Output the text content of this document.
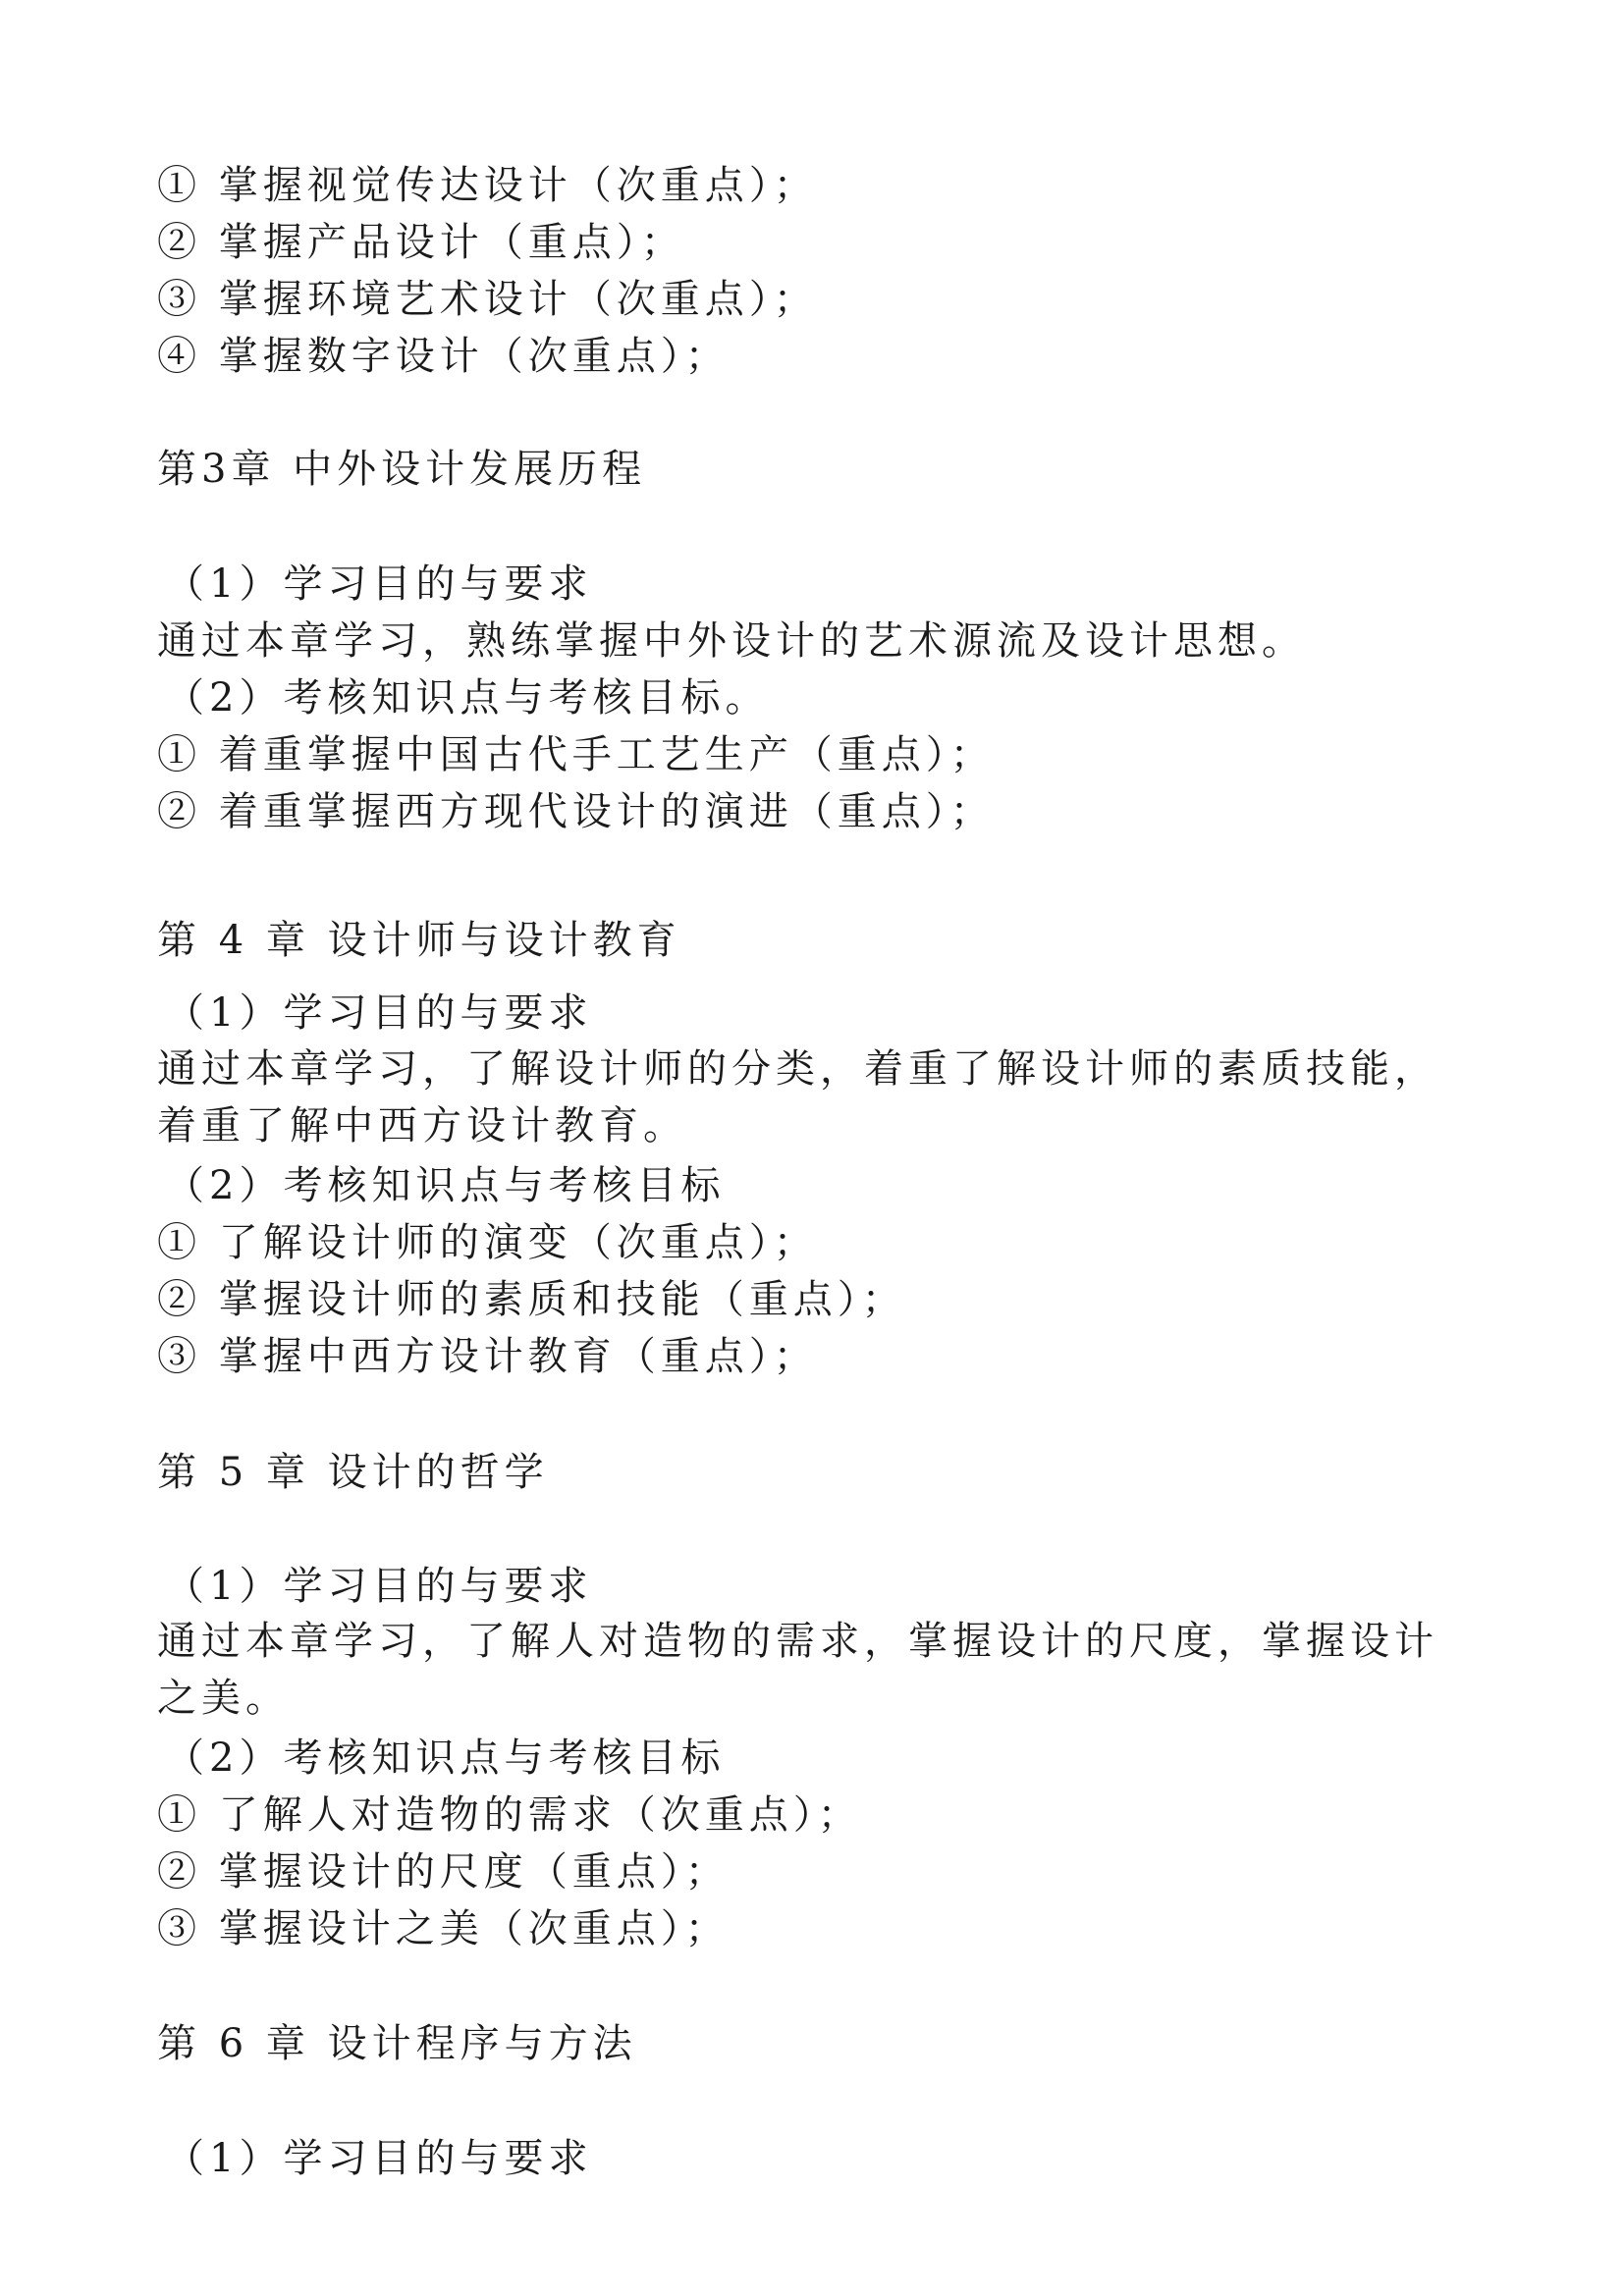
① 掌握视觉传达设计（次重点）；
② 掌握产品设计（重点）；
③ 掌握环境艺术设计（次重点）；
④ 掌握数字设计（次重点）；
第3章 中外设计发展历程
（1）学习目的与要求
通过本章学习，熟练掌握中外设计的艺术源流及设计思想。
（2）考核知识点与考核目标。
① 着重掌握中国古代手工艺生产（重点）；
② 着重掌握西方现代设计的演进（重点）；
第 4 章 设计师与设计教育
（1）学习目的与要求
通过本章学习，了解设计师的分类，着重了解设计师的素质技能，着重了解中西方设计教育。
（2）考核知识点与考核目标
① 了解设计师的演变（次重点）；
② 掌握设计师的素质和技能（重点）；
③ 掌握中西方设计教育（重点）；
第 5 章 设计的哲学
（1）学习目的与要求
通过本章学习，了解人对造物的需求，掌握设计的尺度，掌握设计之美。
（2）考核知识点与考核目标
① 了解人对造物的需求（次重点）；
② 掌握设计的尺度（重点）；
③ 掌握设计之美（次重点）；
第 6 章 设计程序与方法
（1）学习目的与要求
